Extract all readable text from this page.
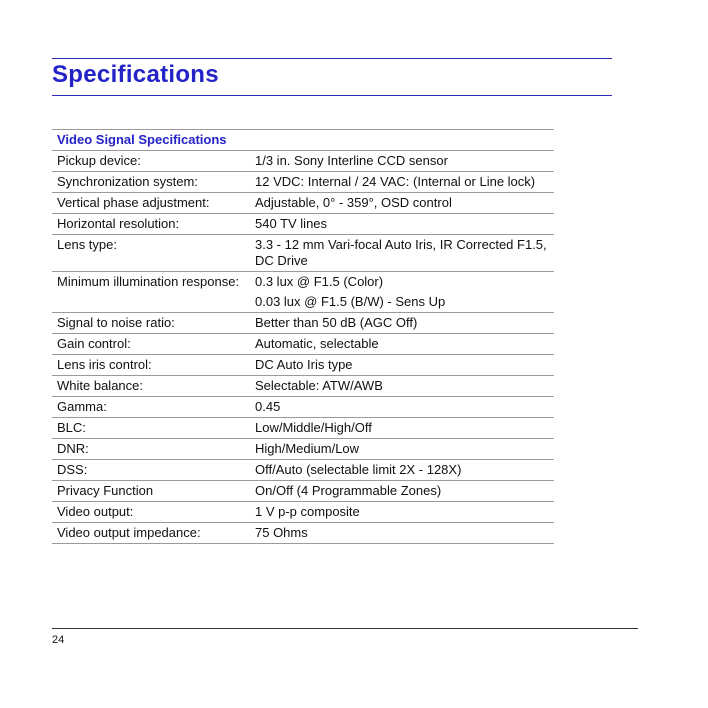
Specifications
Video Signal Specifications	
Pickup device:	1/3 in. Sony Interline CCD sensor
Synchronization system:	12 VDC: Internal / 24 VAC: (Internal or Line lock)
Vertical phase adjustment:	Adjustable, 0° - 359°, OSD control
Horizontal resolution:	540 TV lines
Lens type:	3.3 - 12 mm Vari-focal Auto Iris, IR Corrected F1.5, DC Drive
Minimum illumination response:	0.3 lux @ F1.5 (Color)
	0.03 lux @ F1.5 (B/W) - Sens Up
Signal to noise ratio:	Better than 50 dB (AGC Off)
Gain control:	Automatic, selectable
Lens iris control:	DC Auto Iris type
White balance:	Selectable: ATW/AWB
Gamma:	0.45
BLC:	Low/Middle/High/Off
DNR:	High/Medium/Low
DSS:	Off/Auto (selectable limit 2X - 128X)
Privacy Function	On/Off (4 Programmable Zones)
Video output:	1 V p-p composite
Video output impedance:	75 Ohms
24
